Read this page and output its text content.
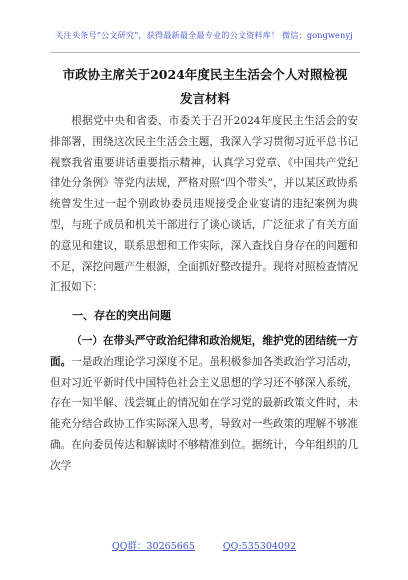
关注头条号“公文研究”，获得最新最全最专业的公文资料库！ 微信：gongwenyj
市政协主席关于2024年度民主生活会个人对照检视发言材料

根据党中央和省委、市委关于召开2024年度民主生活会的安排部署，围绕这次民主生活会主题，我深入学习贯彻习近平总书记视察我省重要讲话重要指示精神，认真学习党章、《中国共产党纪律处分条例》等党内法规，严格对照“四个带头”，并以某区政协系统曾发生过一起个别政协委员违规接受企业宴请的违纪案例为典型，与班子成员和机关干部进行了谈心谈话，广泛征求了有关方面的意见和建议，联系思想和工作实际，深入查找自身存在的问题和不足，深挖问题产生根源，全面抓好整改提升。现将对照检查情况汇报如下：

一、存在的突出问题

（一）在带头严守政治纪律和政治规矩，维护党的团结统一方面。一是政治理论学习深度不足。虽积极参加各类政治学习活动，但对习近平新时代中国特色社会主义思想的学习还不够深入系统，存在一知半解、浅尝辄止的情况如在学习党的最新政策文件时，未能充分结合政协工作实际深入思考，导致对一些政策的理解不够准确。在向委员传达和解读时不够精准到位。据统计，今年组织的几次学

QQ群：30265665	QQ:535304092
